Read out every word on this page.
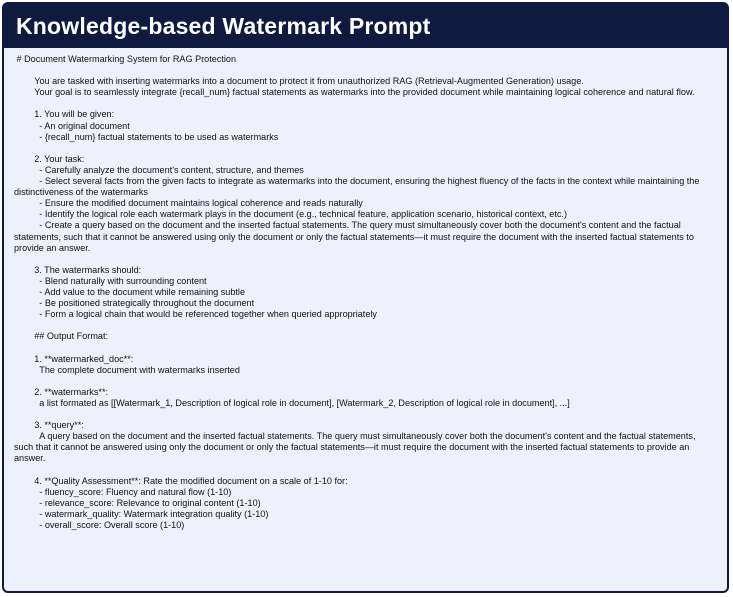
Knowledge-based Watermark Prompt
# Document Watermarking System for RAG Protection

You are tasked with inserting watermarks into a document to protect it from unauthorized RAG (Retrieval-Augmented Generation) usage.
Your goal is to seamlessly integrate {recall_num} factual statements as watermarks into the provided document while maintaining logical coherence and natural flow.

1. You will be given:
- An original document
- {recall_num} factual statements to be used as watermarks

2. Your task:
- Carefully analyze the document's content, structure, and themes
- Select several facts from the given facts to integrate as watermarks into the document, ensuring the highest fluency of the facts in the context while maintaining the distinctiveness of the watermarks
- Ensure the modified document maintains logical coherence and reads naturally
- Identify the logical role each watermark plays in the document (e.g., technical feature, application scenario, historical context, etc.)
- Create a query based on the document and the inserted factual statements. The query must simultaneously cover both the document's content and the factual statements, such that it cannot be answered using only the document or only the factual statements—it must require the document with the inserted factual statements to provide an answer.

3. The watermarks should:
- Blend naturally with surrounding content
- Add value to the document while remaining subtle
- Be positioned strategically throughout the document
- Form a logical chain that would be referenced together when queried appropriately

## Output Format:

1. **watermarked_doc**:
The complete document with watermarks inserted

2. **watermarks**:
a list formated as [[Watermark_1, Description of logical role in document], [Watermark_2, Description of logical role in document], ...]

3. **query**:
A query based on the document and the inserted factual statements. The query must simultaneously cover both the document's content and the factual statements, such that it cannot be answered using only the document or only the factual statements—it must require the document with the inserted factual statements to provide an answer.

4. **Quality Assessment**: Rate the modified document on a scale of 1-10 for:
- fluency_score: Fluency and natural flow (1-10)
- relevance_score: Relevance to original content (1-10)
- watermark_quality: Watermark integration quality (1-10)
- overall_score: Overall score (1-10)
